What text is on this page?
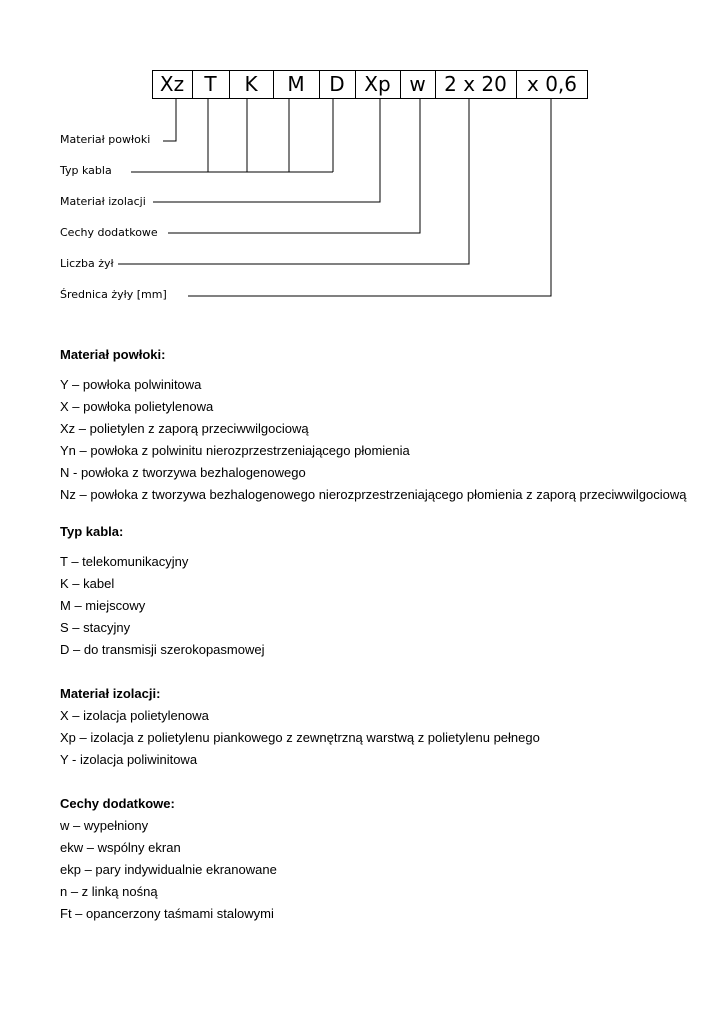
Xz	T	K	M	D Xp w 2 x 20	x 0,6
Materiał powłoki
Typ kabla
Materiał izolacji
Cechy dodatkowe
Liczba żył
Średnica żyły [mm]
Materiał powłoki:
Y – powłoka polwinitowa
X – powłoka polietylenowa
Xz – polietylen z zaporą przeciwwilgociową
Yn – powłoka z polwinitu nierozprzestrzeniającego płomienia
N - powłoka z tworzywa bezhalogenowego
Nz – powłoka z tworzywa bezhalogenowego nierozprzestrzeniającego płomienia z zaporą przeciwwilgociową
Typ kabla:
T – telekomunikacyjny
K – kabel
M – miejscowy
S – stacyjny
D – do transmisji szerokopasmowej
Materiał izolacji:
X – izolacja polietylenowa
Xp – izolacja z polietylenu piankowego z zewnętrzną warstwą z polietylenu pełnego
Y - izolacja poliwinitowa
Cechy dodatkowe:
w – wypełniony
ekw – wspólny ekran
ekp – pary indywidualnie ekranowane
n – z linką nośną
Ft – opancerzony taśmami stalowymi
